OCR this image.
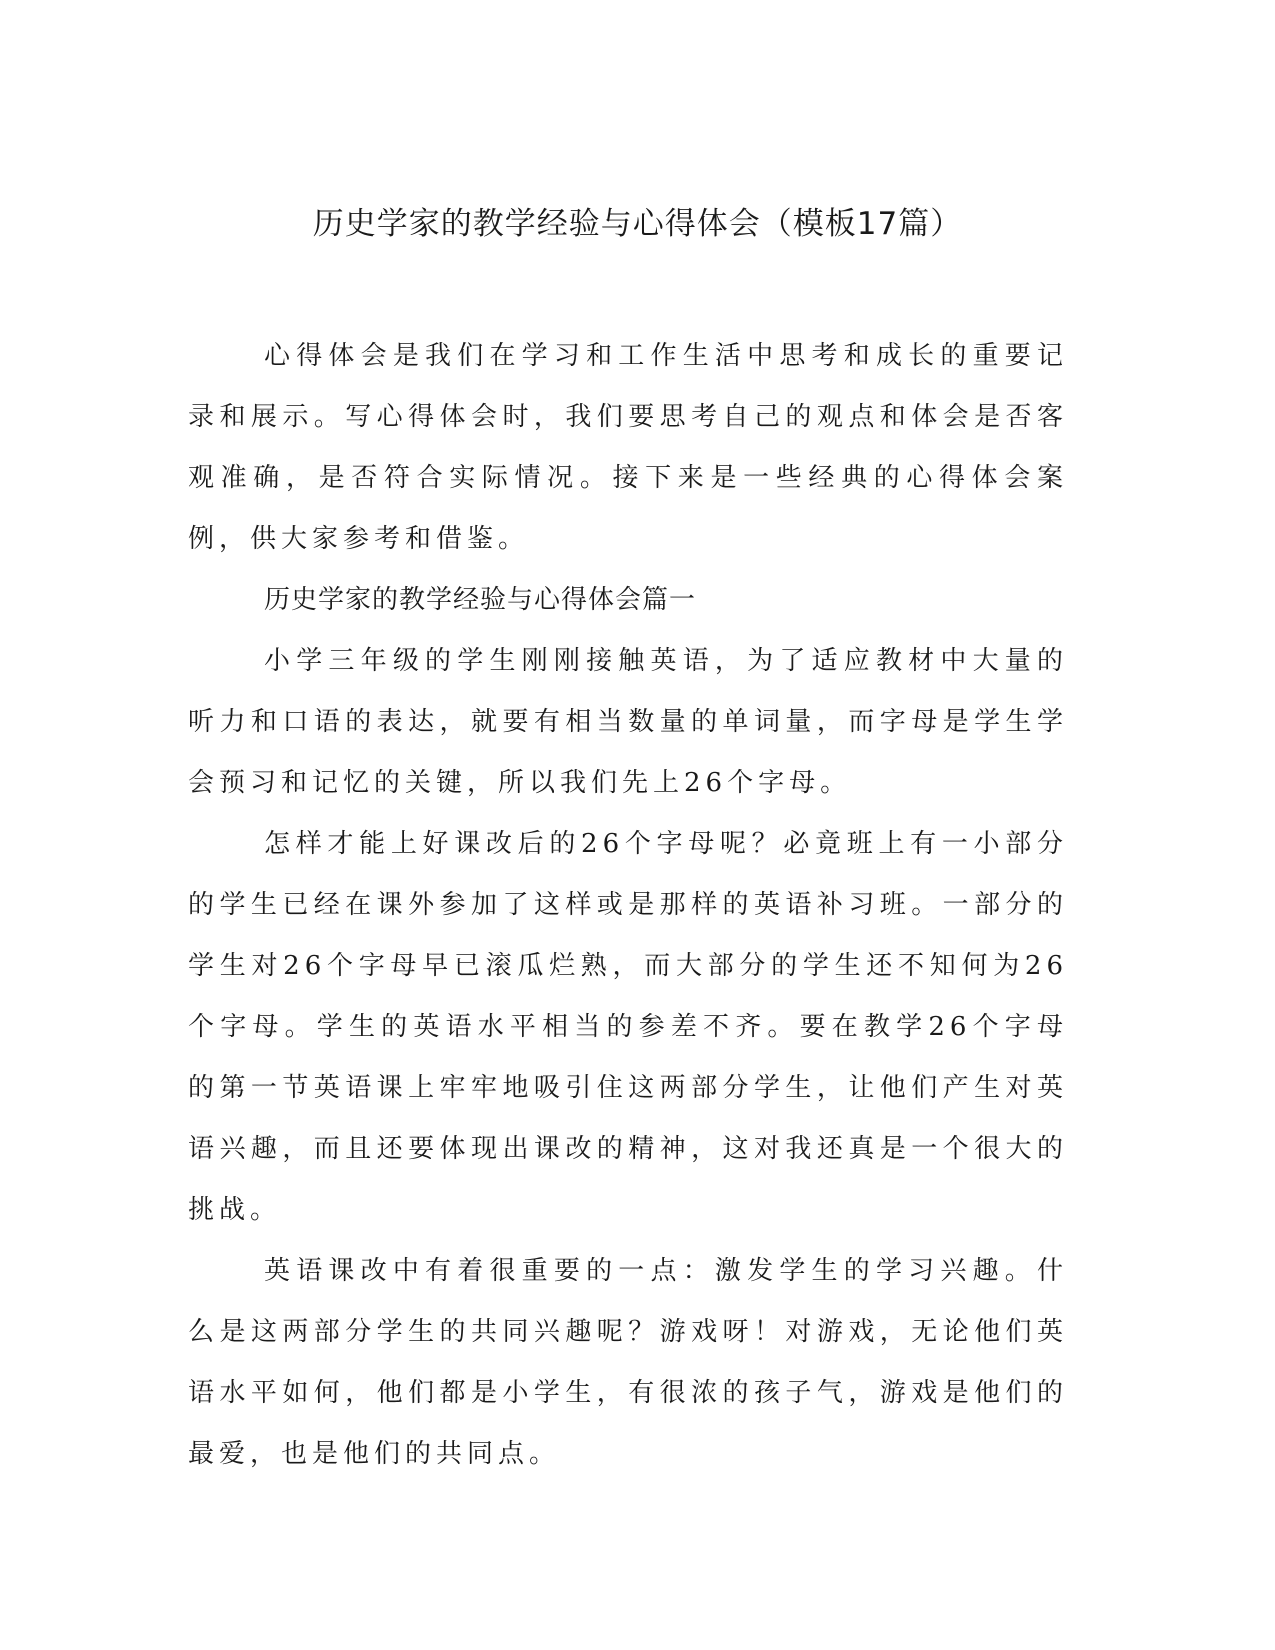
历史学家的教学经验与心得体会（模板17篇）

心得体会是我们在学习和工作生活中思考和成长的重要记录和展示。写心得体会时，我们要思考自己的观点和体会是否客观准确，是否符合实际情况。接下来是一些经典的心得体会案例，供大家参考和借鉴。

历史学家的教学经验与心得体会篇一

小学三年级的学生刚刚接触英语，为了适应教材中大量的听力和口语的表达，就要有相当数量的单词量，而字母是学生学会预习和记忆的关键，所以我们先上26个字母。

怎样才能上好课改后的26个字母呢？必竟班上有一小部分的学生已经在课外参加了这样或是那样的英语补习班。一部分的学生对26个字母早已滚瓜烂熟，而大部分的学生还不知何为26个字母。学生的英语水平相当的参差不齐。要在教学26个字母的第一节英语课上牢牢地吸引住这两部分学生，让他们产生对英语兴趣，而且还要体现出课改的精神，这对我还真是一个很大的挑战。

英语课改中有着很重要的一点：激发学生的学习兴趣。什么是这两部分学生的共同兴趣呢？游戏呀！对游戏，无论他们英语水平如何，他们都是小学生，有很浓的孩子气，游戏是他们的最爱，也是他们的共同点。
